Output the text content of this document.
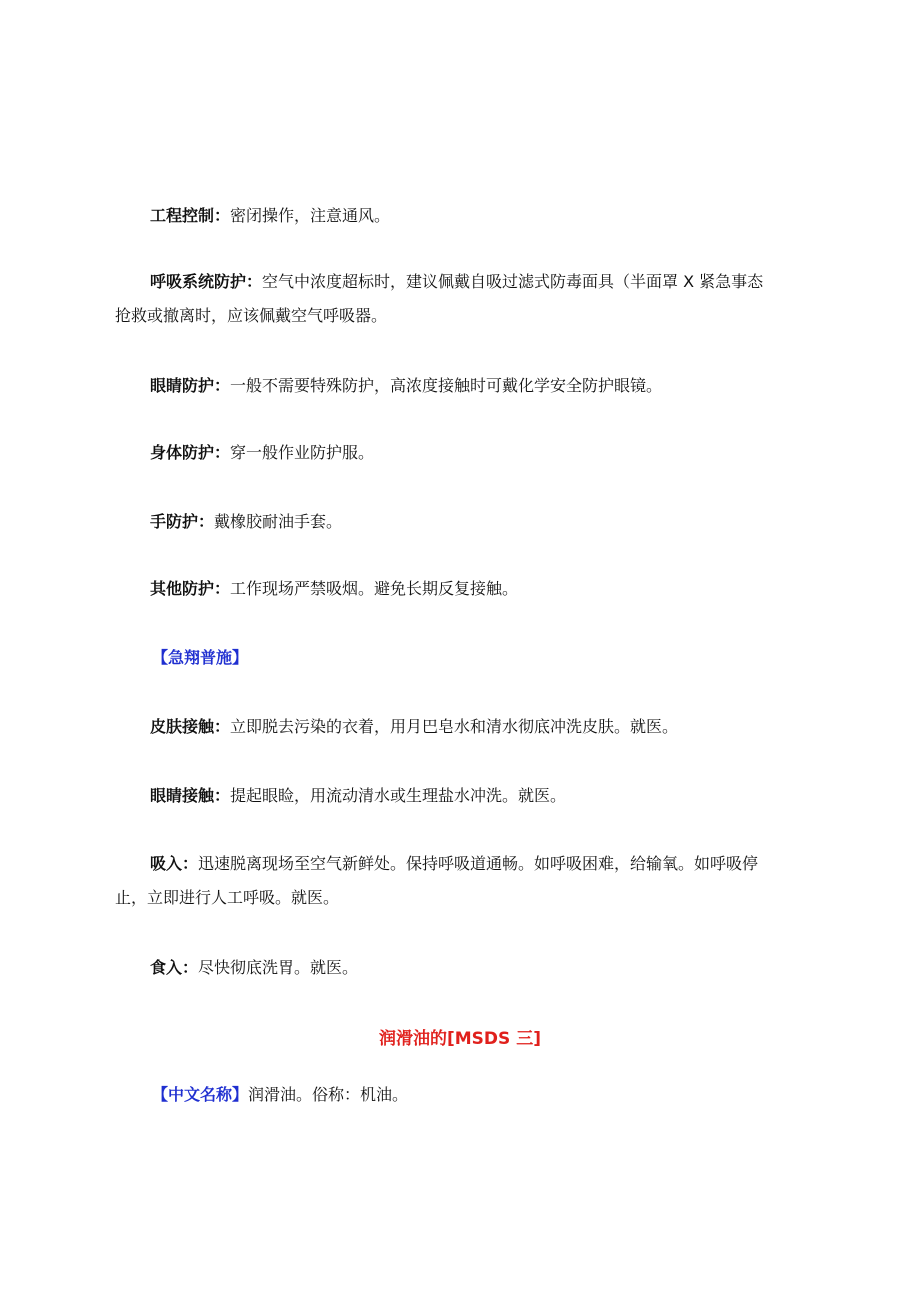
工程控制：密闭操作，注意通风。
呼吸系统防护：空气中浓度超标时，建议佩戴自吸过滤式防毒面具（半面罩 X 紧急事态
抢救或撤离时，应该佩戴空气呼吸器。
眼睛防护：一般不需要特殊防护，高浓度接触时可戴化学安全防护眼镜。
身体防护：穿一般作业防护服。
手防护：戴橡胶耐油手套。
其他防护：工作现场严禁吸烟。避免长期反复接触。
【急翔普施】
皮肤接触：立即脱去污染的衣着，用月巴皂水和清水彻底冲洗皮肤。就医。
眼睛接触：提起眼睑，用流动清水或生理盐水冲洗。就医。
吸入：迅速脱离现场至空气新鲜处。保持呼吸道通畅。如呼吸困难，给输氧。如呼吸停
止，立即进行人工呼吸。就医。
食入：尽快彻底洗胃。就医。
润滑油的[MSDS 三]
【中文名称】润滑油。俗称：机油。
